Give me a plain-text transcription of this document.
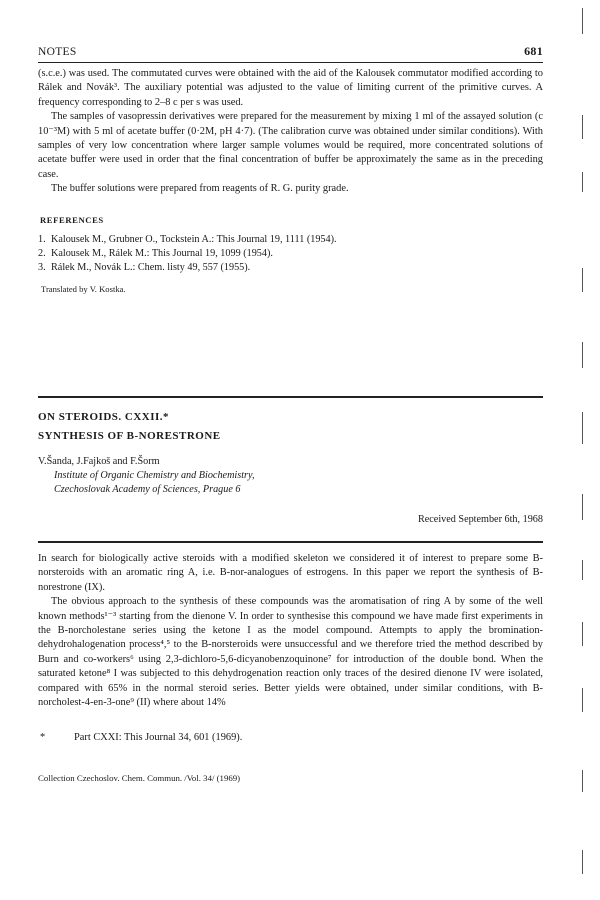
NOTES	681

(s.c.e.) was used. The commutated curves were obtained with the aid of the Kalousek commutator modified according to Rálek and Novák³. The auxiliary potential was adjusted to the value of limiting current of the primitive curves. A frequency corresponding to 2–8 c per s was used.

The samples of vasopressin derivatives were prepared for the measurement by mixing 1 ml of the assayed solution (c 10⁻³M) with 5 ml of acetate buffer (0·2M, pH 4·7). (The calibration curve was obtained under similar conditions). With samples of very low concentration where larger sample volumes would be required, more concentrated solutions of acetate buffer were used in order that the final concentration of buffer be approximately the same as in the preceding case.

The buffer solutions were prepared from reagents of R. G. purity grade.

REFERENCES
1. Kalousek M., Grubner O., Tockstein A.: This Journal 19, 1111 (1954).
2. Kalousek M., Rálek M.: This Journal 19, 1099 (1954).
3. Rálek M., Novák L.: Chem. listy 49, 557 (1955).
Translated by V. Kostka.

ON STEROIDS. CXXII.*

SYNTHESIS OF B-NORESTRONE

V.Šanda, J.Fajkoš and F.Šorm
Institute of Organic Chemistry and Biochemistry,
Czechoslovak Academy of Sciences, Prague 6
Received September 6th, 1968

In search for biologically active steroids with a modified skeleton we considered it of interest to prepare some B-norsteroids with an aromatic ring A, i.e. B-nor-analogues of estrogens. In this paper we report the synthesis of B-norestrone (IX).

The obvious approach to the synthesis of these compounds was the aromatisation of ring A by some of the well known methods¹⁻³ starting from the dienone V. In order to synthesise this compound we have made first experiments in the B-norcholestane series using the ketone I as the model compound. Attempts to apply the bromination-dehydrohalogenation process⁴,⁵ to the B-norsteroids were unsuccessful and we therefore tried the method described by Burn and co-workers⁶ using 2,3-dichloro-5,6-dicyanobenzoquinone⁷ for introduction of the double bond. When the saturated ketone⁸ I was subjected to this dehydrogenation reaction only traces of the desired dienone IV were isolated, compared with 65% in the normal steroid series. Better yields were obtained, under similar conditions, with B-norcholest-4-en-3-one⁹ (II) where about 14%

*	Part CXXI: This Journal 34, 601 (1969).
Collection Czechoslov. Chem. Commun. /Vol. 34/ (1969)
